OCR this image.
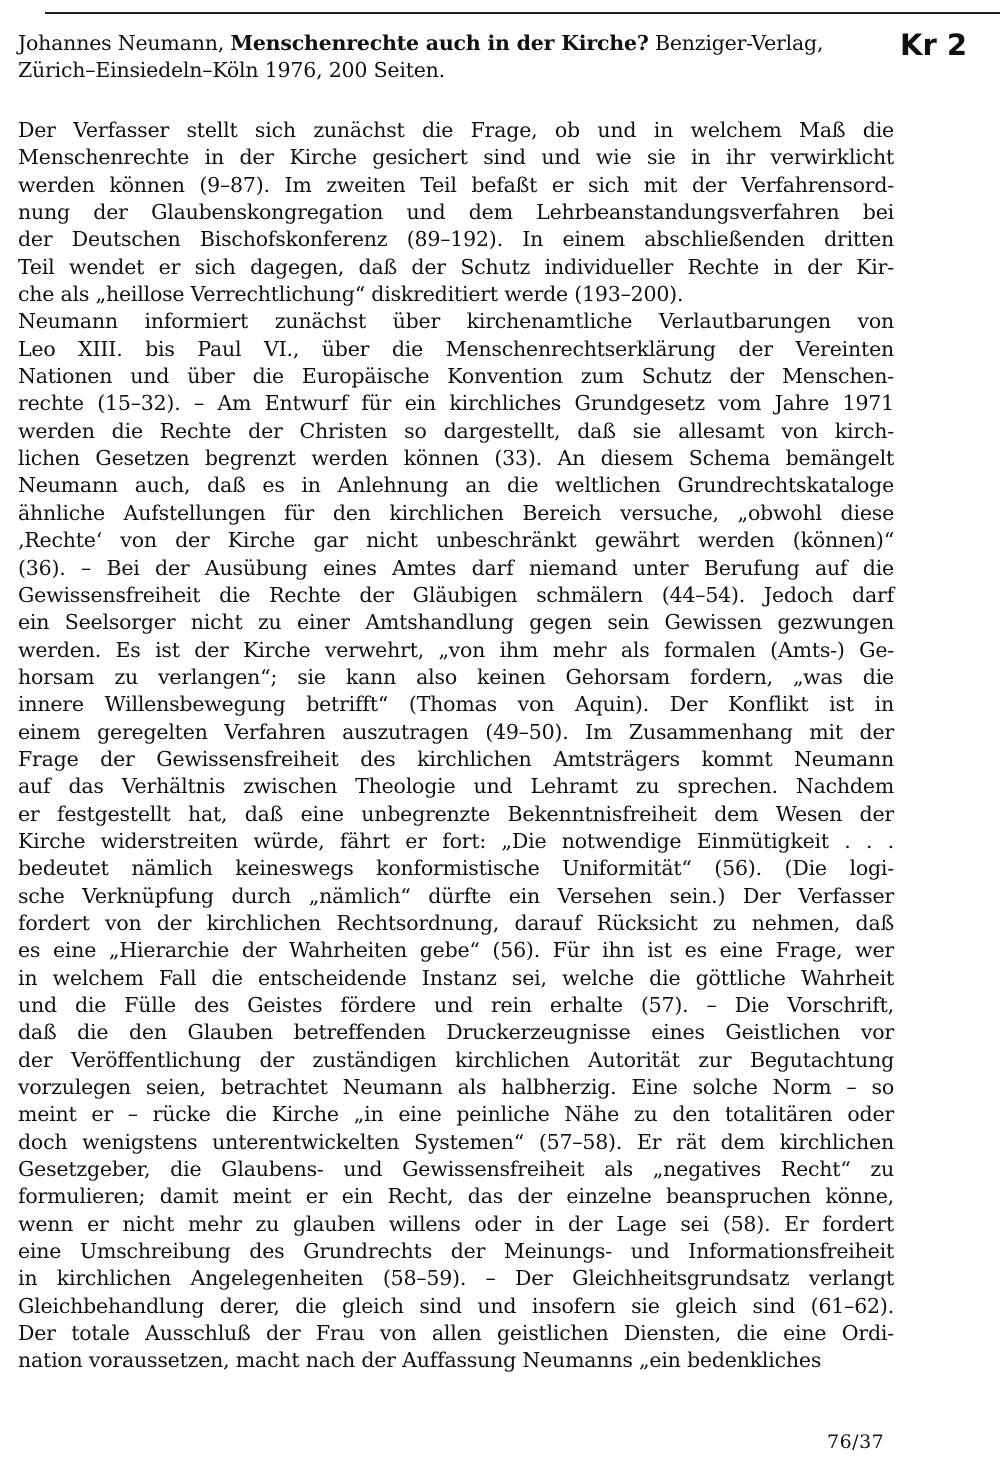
Johannes Neumann, Menschenrechte auch in der Kirche? Benziger-Verlag,
Zürich–Einsiedeln–Köln 1976, 200 Seiten.
Kr 2
Der Verfasser stellt sich zunächst die Frage, ob und in welchem Maß die
Menschenrechte in der Kirche gesichert sind und wie sie in ihr verwirklicht
werden können (9–87). Im zweiten Teil befaßt er sich mit der Verfahrensord-
nung der Glaubenskongregation und dem Lehrbeanstandungsverfahren bei
der Deutschen Bischofskonferenz (89–192). In einem abschließenden dritten
Teil wendet er sich dagegen, daß der Schutz individueller Rechte in der Kir-
che als „heillose Verrechtlichung“ diskreditiert werde (193–200).
Neumann informiert zunächst über kirchenamtliche Verlautbarungen von
Leo XIII. bis Paul VI., über die Menschenrechtserklärung der Vereinten
Nationen und über die Europäische Konvention zum Schutz der Menschen-
rechte (15–32). – Am Entwurf für ein kirchliches Grundgesetz vom Jahre 1971
werden die Rechte der Christen so dargestellt, daß sie allesamt von kirch-
lichen Gesetzen begrenzt werden können (33). An diesem Schema bemängelt
Neumann auch, daß es in Anlehnung an die weltlichen Grundrechtskataloge
ähnliche Aufstellungen für den kirchlichen Bereich versuche, „obwohl diese
‚Rechte‘ von der Kirche gar nicht unbeschränkt gewährt werden (können)“
(36). – Bei der Ausübung eines Amtes darf niemand unter Berufung auf die
Gewissensfreiheit die Rechte der Gläubigen schmälern (44–54). Jedoch darf
ein Seelsorger nicht zu einer Amtshandlung gegen sein Gewissen gezwungen
werden. Es ist der Kirche verwehrt, „von ihm mehr als formalen (Amts-) Ge-
horsam zu verlangen“; sie kann also keinen Gehorsam fordern, „was die
innere Willensbewegung betrifft“ (Thomas von Aquin). Der Konflikt ist in
einem geregelten Verfahren auszutragen (49–50). Im Zusammenhang mit der
Frage der Gewissensfreiheit des kirchlichen Amtsträgers kommt Neumann
auf das Verhältnis zwischen Theologie und Lehramt zu sprechen. Nachdem
er festgestellt hat, daß eine unbegrenzte Bekenntnisfreiheit dem Wesen der
Kirche widerstreiten würde, fährt er fort: „Die notwendige Einmütigkeit . . .
bedeutet nämlich keineswegs konformistische Uniformität“ (56). (Die logi-
sche Verknüpfung durch „nämlich“ dürfte ein Versehen sein.) Der Verfasser
fordert von der kirchlichen Rechtsordnung, darauf Rücksicht zu nehmen, daß
es eine „Hierarchie der Wahrheiten gebe“ (56). Für ihn ist es eine Frage, wer
in welchem Fall die entscheidende Instanz sei, welche die göttliche Wahrheit
und die Fülle des Geistes fördere und rein erhalte (57). – Die Vorschrift,
daß die den Glauben betreffenden Druckerzeugnisse eines Geistlichen vor
der Veröffentlichung der zuständigen kirchlichen Autorität zur Begutachtung
vorzulegen seien, betrachtet Neumann als halbherzig. Eine solche Norm – so
meint er – rücke die Kirche „in eine peinliche Nähe zu den totalitären oder
doch wenigstens unterentwickelten Systemen“ (57–58). Er rät dem kirchlichen
Gesetzgeber, die Glaubens- und Gewissensfreiheit als „negatives Recht“ zu
formulieren; damit meint er ein Recht, das der einzelne beanspruchen könne,
wenn er nicht mehr zu glauben willens oder in der Lage sei (58). Er fordert
eine Umschreibung des Grundrechts der Meinungs- und Informationsfreiheit
in kirchlichen Angelegenheiten (58–59). – Der Gleichheitsgrundsatz verlangt
Gleichbehandlung derer, die gleich sind und insofern sie gleich sind (61–62).
Der totale Ausschluß der Frau von allen geistlichen Diensten, die eine Ordi-
nation voraussetzen, macht nach der Auffassung Neumanns „ein bedenkliches
76/37
